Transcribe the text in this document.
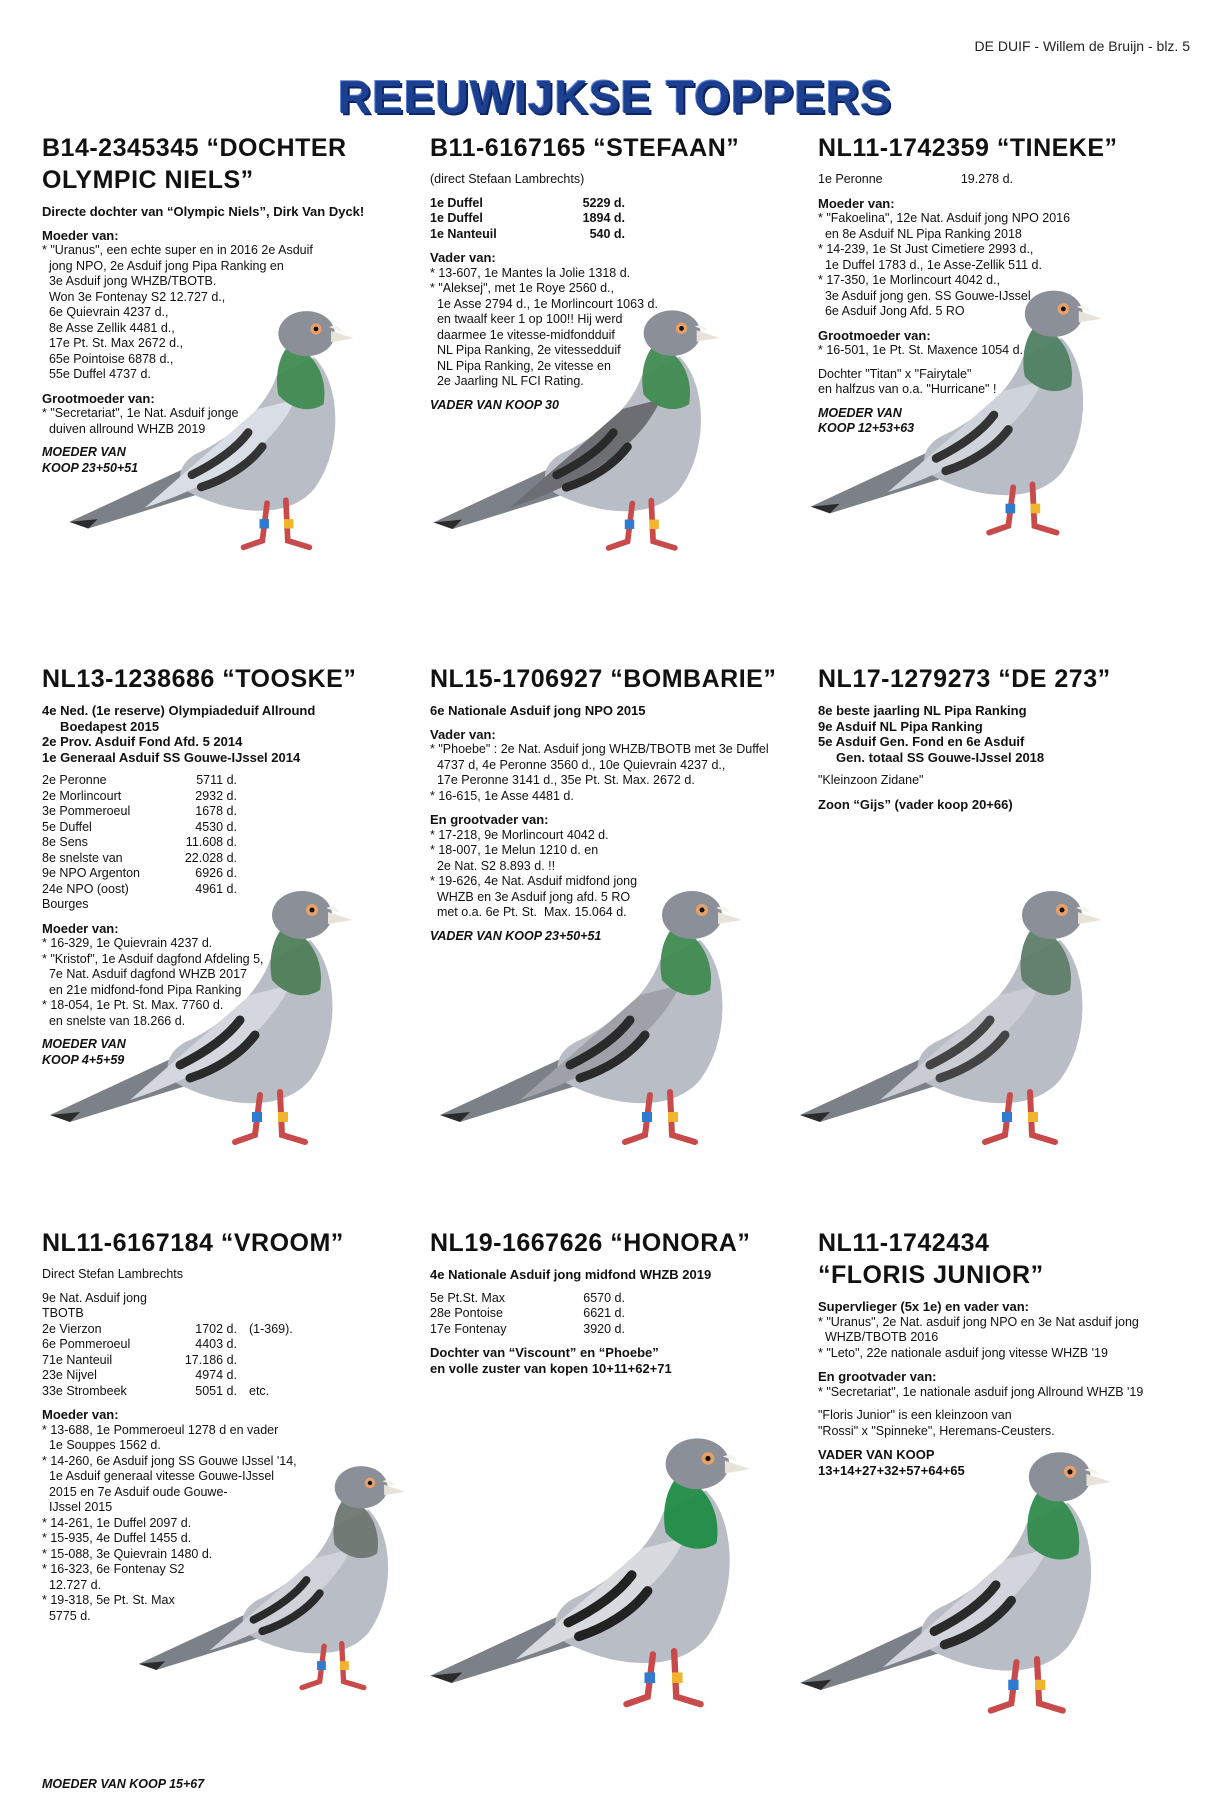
DE DUIF - Willem de Bruijn - blz. 5
REEUWIJKSE TOPPERS
B14-2345345 “DOCHTER
OLYMPIC NIELS”
Directe dochter van “Olympic Niels”, Dirk Van Dyck!
Moeder van:
* "Uranus", een echte super en in 2016 2e Asduif
jong NPO, 2e Asduif jong Pipa Ranking en
3e Asduif jong WHZB/TBOTB.
Won 3e Fontenay S2 12.727 d.,
6e Quievrain 4237 d.,
8e Asse Zellik 4481 d.,
17e Pt. St. Max 2672 d.,
65e Pointoise 6878 d.,
55e Duffel 4737 d.
Grootmoeder van:
* "Secretariat", 1e Nat. Asduif jonge
duiven allround WHZB 2019
MOEDER VAN
KOOP 23+50+51
B11-6167165 “STEFAAN”
(direct Stefaan Lambrechts)
1e Duffel	5229 d.
1e Duffel	1894 d.
1e Nanteuil	540 d.
Vader van:
* 13-607, 1e Mantes la Jolie 1318 d.
* "Aleksej", met 1e Roye 2560 d.,
1e Asse 2794 d., 1e Morlincourt 1063 d.
en twaalf keer 1 op 100!! Hij werd
daarmee 1e vitesse-midfondduif
NL Pipa Ranking, 2e vitessedduif
NL Pipa Ranking, 2e vitesse en
2e Jaarling NL FCI Rating.
VADER VAN KOOP 30
NL11-1742359 “TINEKE”
1e Peronne	19.278 d.
Moeder van:
* "Fakoelina", 12e Nat. Asduif jong NPO 2016
en 8e Asduif NL Pipa Ranking 2018
* 14-239, 1e St Just Cimetiere 2993 d.,
1e Duffel 1783 d., 1e Asse-Zellik 511 d.
* 17-350, 1e Morlincourt 4042 d.,
3e Asduif jong gen. SS Gouwe-IJssel,
6e Asduif Jong Afd. 5 RO
Grootmoeder van:
* 16-501, 1e Pt. St. Maxence 1054 d.
Dochter "Titan" x "Fairytale"
en halfzus van o.a. "Hurricane" !
MOEDER VAN
KOOP 12+53+63
NL13-1238686 “TOOSKE”
4e Ned. (1e reserve) Olympiadeduif Allround
Boedapest 2015
2e Prov. Asduif Fond Afd. 5 2014
1e Generaal Asduif SS Gouwe-IJssel 2014
2e Peronne	5711 d.
2e Morlincourt	2932 d.
3e Pommeroeul	1678 d.
5e Duffel	4530 d.
8e Sens	11.608 d.
8e snelste van	22.028 d.
9e NPO Argenton	6926 d.
24e NPO (oost) Bourges
4961 d.
Moeder van:
* 16-329, 1e Quievrain 4237 d.
* "Kristof", 1e Asduif dagfond Afdeling 5,
7e Nat. Asduif dagfond WHZB 2017
en 21e midfond-fond Pipa Ranking
* 18-054, 1e Pt. St. Max. 7760 d.
en snelste van 18.266 d.
MOEDER VAN
KOOP 4+5+59
NL15-1706927 “BOMBARIE”
6e Nationale Asduif jong NPO 2015
Vader van:
* "Phoebe" : 2e Nat. Asduif jong WHZB/TBOTB met 3e Duffel
4737 d, 4e Peronne 3560 d., 10e Quievrain 4237 d.,
17e Peronne 3141 d., 35e Pt. St. Max. 2672 d.
* 16-615, 1e Asse 4481 d.
En grootvader van:
* 17-218, 9e Morlincourt 4042 d.
* 18-007, 1e Melun 1210 d. en
2e Nat. S2 8.893 d. !!
* 19-626, 4e Nat. Asduif midfond jong
WHZB en 3e Asduif jong afd. 5 RO
met o.a. 6e Pt. St.  Max. 15.064 d.
VADER VAN KOOP 23+50+51
NL17-1279273 “DE 273”
8e beste jaarling NL Pipa Ranking
9e Asduif NL Pipa Ranking
5e Asduif Gen. Fond en 6e Asduif
Gen. totaal SS Gouwe-IJssel 2018
"Kleinzoon Zidane"
Zoon “Gijs” (vader koop 20+66)
NL11-6167184 “VROOM”
Direct Stefan Lambrechts
9e Nat. Asduif jong TBOTB
2e Vierzon	1702 d. (1-369).
6e Pommeroeul	4403 d.
71e Nanteuil	17.186 d.
23e Nijvel	4974 d.
33e Strombeek	5051 d. etc.
Moeder van:
* 13-688, 1e Pommeroeul 1278 d en vader
1e Souppes 1562 d.
* 14-260, 6e Asduif jong SS Gouwe IJssel '14,
1e Asduif generaal vitesse Gouwe-IJssel
2015 en 7e Asduif oude Gouwe-
IJssel 2015
* 14-261, 1e Duffel 2097 d.
* 15-935, 4e Duffel 1455 d.
* 15-088, 3e Quievrain 1480 d.
* 16-323, 6e Fontenay S2
12.727 d.
* 19-318, 5e Pt. St. Max
5775 d.
MOEDER VAN KOOP 15+67
NL19-1667626 “HONORA”
4e Nationale Asduif jong midfond WHZB 2019
5e Pt.St. Max	6570 d.
28e Pontoise	6621 d.
17e Fontenay	3920 d.
Dochter van “Viscount” en “Phoebe”
en volle zuster van kopen 10+11+62+71
NL11-1742434
“FLORIS JUNIOR”
Supervlieger (5x 1e) en vader van:
* "Uranus", 2e Nat. asduif jong NPO en 3e Nat asduif jong
WHZB/TBOTB 2016
* "Leto", 22e nationale asduif jong vitesse WHZB '19
En grootvader van:
* "Secretariat", 1e nationale asduif jong Allround WHZB '19
"Floris Junior" is een kleinzoon van
"Rossi" x "Spinneke", Heremans-Ceusters.
VADER VAN KOOP
13+14+27+32+57+64+65
